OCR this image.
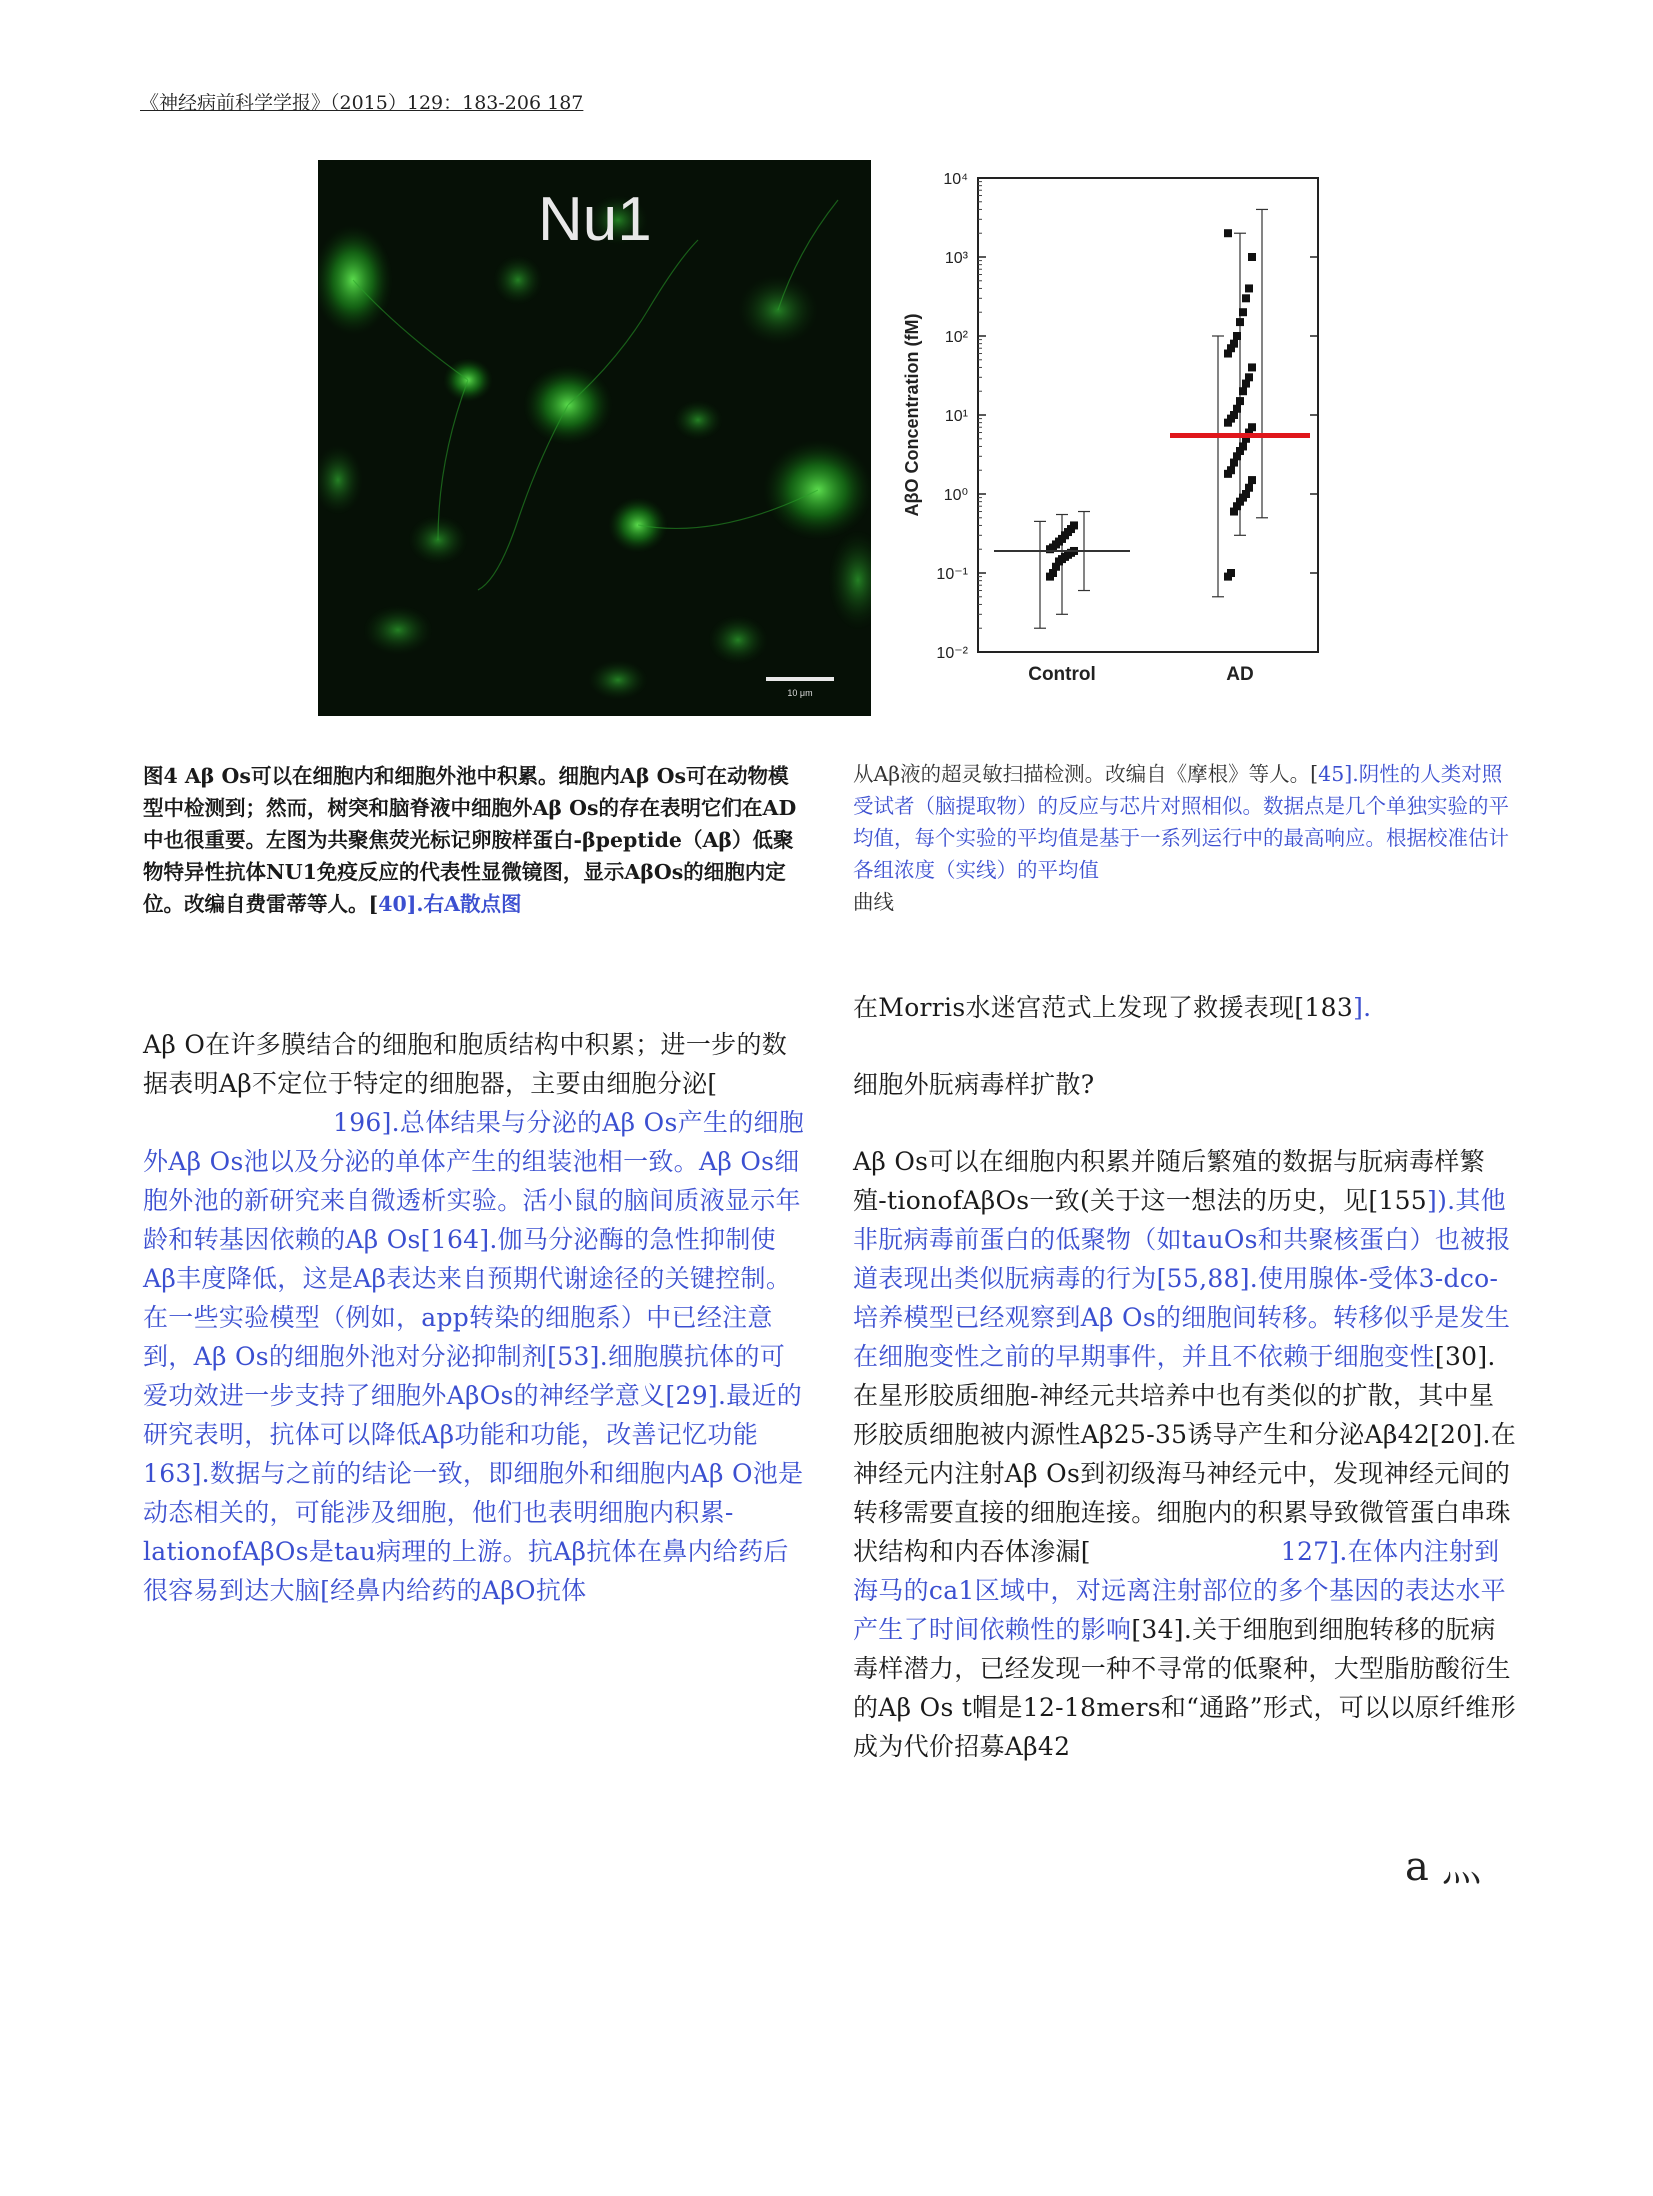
《神经病前科学学报》（2015）129：183-206 187
Nu1
10 μm
10⁻²
10⁻¹
10⁰
10¹
10²
10³
10⁴
AβO Concentration (fM)
Control	AD
图4 Aβ Os可以在细胞内和细胞外池中积累。细胞内Aβ Os可在动物模型中检测到；然而，树突和脑脊液中细胞外Aβ Os的存在表明它们在AD中也很重要。左图为共聚焦荧光标记卵胺样蛋白-βpeptide（Aβ）低聚物特异性抗体NU1免疫反应的代表性显微镜图，显示AβOs的细胞内定位。改编自费雷蒂等人。[40].右A散点图
从Aβ液的超灵敏扫描检测。改编自《摩根》等人。[45].阴性的人类对照受试者（脑提取物）的反应与芯片对照相似。数据点是几个单独实验的平均值，每个实验的平均值是基于一系列运行中的最高响应。根据校准估计各组浓度（实线）的平均值
曲线

Aβ O在许多膜结合的细胞和胞质结构中积累；进一步的数据表明Aβ不定位于特定的细胞器，主要由细胞分泌[196].总体结果与分泌的Aβ Os产生的细胞外Aβ Os池以及分泌的单体产生的组装池相一致。Aβ Os细胞外池的新研究来自微透析实验。活小鼠的脑间质液显示年龄和转基因依赖的Aβ Os[164].伽马分泌酶的急性抑制使Aβ丰度降低，这是Aβ表达来自预期代谢途径的关键控制。在一些实验模型（例如，app转染的细胞系）中已经注意到，Aβ Os的细胞外池对分泌抑制剂[53].细胞膜抗体的可爱功效进一步支持了细胞外AβOs的神经学意义[29].最近的研究表明，抗体可以降低Aβ功能和功能，改善记忆功能163].数据与之前的结论一致，即细胞外和细胞内Aβ O池是动态相关的，可能涉及细胞，他们也表明细胞内积累-lationofAβOs是tau病理的上游。抗Aβ抗体在鼻内给药后很容易到达大脑[经鼻内给药的AβO抗体

在Morris水迷宫范式上发现了救援表现[183].

细胞外朊病毒样扩散?

Aβ Os可以在细胞内积累并随后繁殖的数据与朊病毒样繁殖-tionofAβOs一致(关于这一想法的历史，见[155]).其他非朊病毒前蛋白的低聚物（如tauOs和共聚核蛋白）也被报道表现出类似朊病毒的行为[55,88].使用腺体-受体3-dco-培养模型已经观察到Aβ Os的细胞间转移。转移似乎是发生在细胞变性之前的早期事件，并且不依赖于细胞变性[30].在星形胶质细胞-神经元共培养中也有类似的扩散，其中星形胶质细胞被内源性Aβ25-35诱导产生和分泌Aβ42[20].在神经元内注射Aβ Os到初级海马神经元中，发现神经元间的转移需要直接的细胞连接。细胞内的积累导致微管蛋白串珠状结构和内吞体渗漏[	127].在体内注射到海马的ca1区域中，对远离注射部位的多个基因的表达水平产生了时间依赖性的影响[34].关于细胞到细胞转移的朊病毒样潜力，已经发现一种不寻常的低聚种，大型脂肪酸衍生的Aβ Os t帽是12-18mers和“通路”形式，可以以原纤维形成为代价招募Aβ42

a 灬
